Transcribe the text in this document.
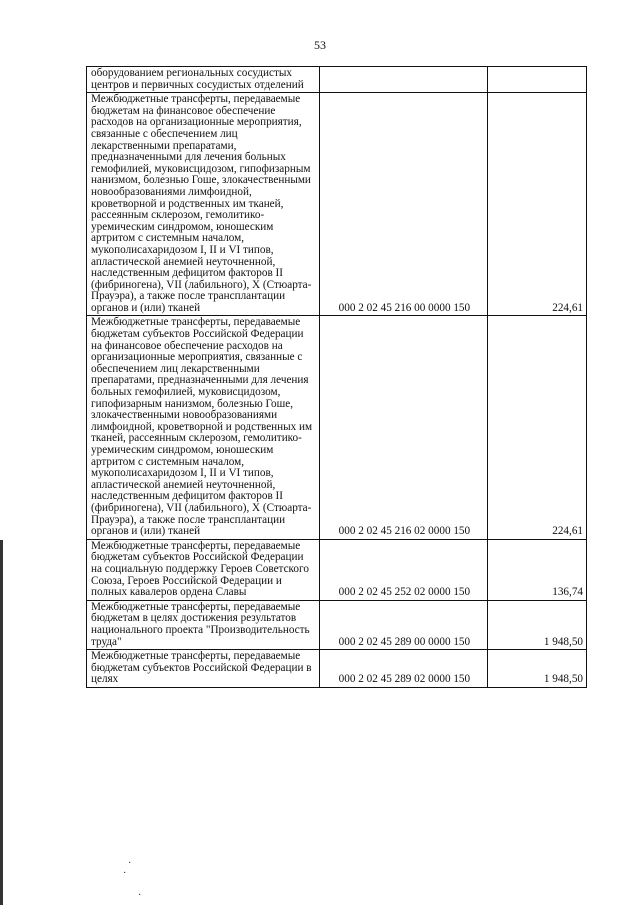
53
оборудованием региональных сосудистых центров и первичных сосудистых отделений		
Межбюджетные трансферты, передаваемые бюджетам на финансовое обеспечение расходов на организационные мероприятия, связанные с обеспечением лиц лекарственными препаратами, предназначенными для лечения больных гемофилией, муковисцидозом, гипофизарным нанизмом, болезнью Гоше, злокачественными новообразованиями лимфоидной, кроветворной и родственных им тканей, рассеянным склерозом, гемолитико-уремическим синдромом, юношеским артритом с системным началом, мукополисахаридозом I, II и VI типов, апластической анемией неуточненной, наследственным дефицитом факторов II (фибриногена), VII (лабильного), X (Стюарта-Прауэра), а также после трансплантации органов и (или) тканей	000 2 02 45 216 00 0000 150	224,61
Межбюджетные трансферты, передаваемые бюджетам субъектов Российской Федерации на финансовое обеспечение расходов на организационные мероприятия, связанные с обеспечением лиц лекарственными препаратами, предназначенными для лечения больных гемофилией, муковисцидозом, гипофизарным нанизмом, болезнью Гоше, злокачественными новообразованиями лимфоидной, кроветворной и родственных им тканей, рассеянным склерозом, гемолитико-уремическим синдромом, юношеским артритом с системным началом, мукополисахаридозом I, II и VI типов, апластической анемией неуточненной, наследственным дефицитом факторов II (фибриногена), VII (лабильного), X (Стюарта-Прауэра), а также после трансплантации органов и (или) тканей	000 2 02 45 216 02 0000 150	224,61
Межбюджетные трансферты, передаваемые бюджетам субъектов Российской Федерации на социальную поддержку Героев Советского Союза, Героев Российской Федерации и полных кавалеров ордена Славы	000 2 02 45 252 02 0000 150	136,74
Межбюджетные трансферты, передаваемые бюджетам в целях достижения результатов национального проекта "Производительность труда"	000 2 02 45 289 00 0000 150	1 948,50
Межбюджетные трансферты, передаваемые бюджетам субъектов Российской Федерации в целях	000 2 02 45 289 02 0000 150	1 948,50
·
·
·
